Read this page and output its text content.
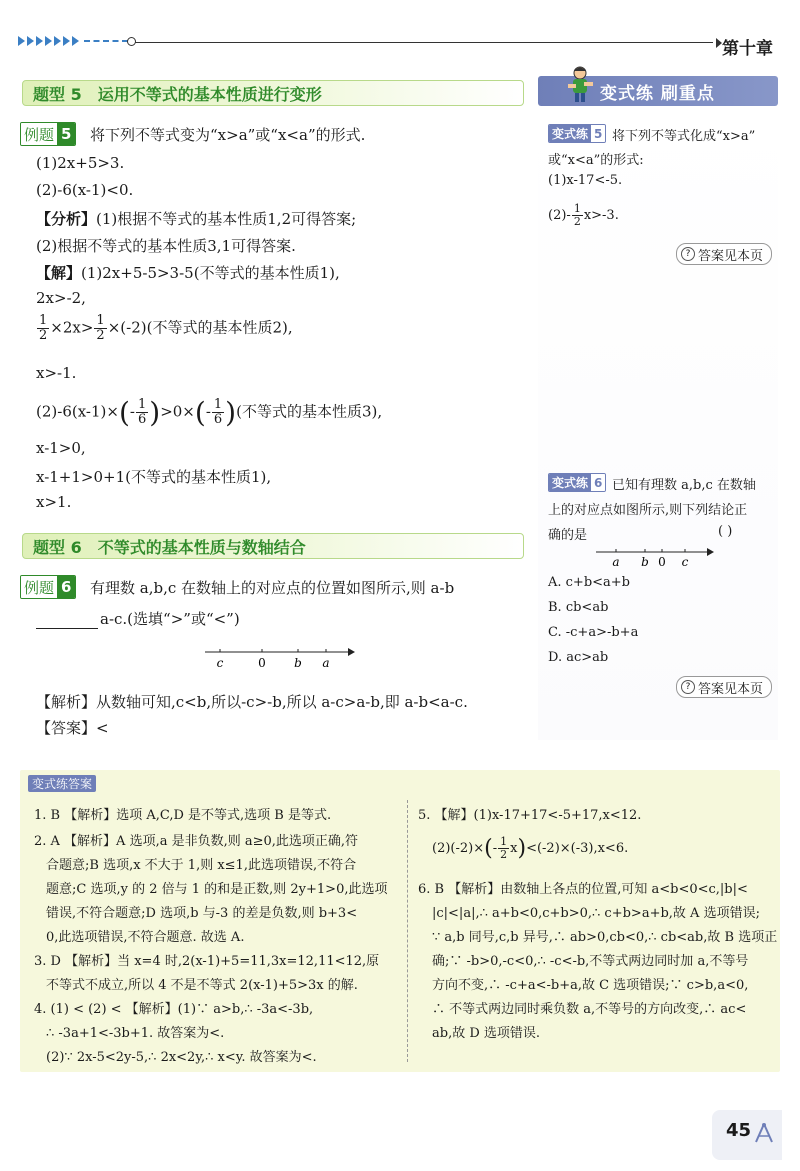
第十章
题型 5 运用不等式的基本性质进行变形	变式练 刷重点
例题 5 将下列不等式变为“x>a”或“x<a”的形式.
(1)2x+5>3.
(2)-6(x-1)<0.
【分析】(1)根据不等式的基本性质1,2可得答案;
(2)根据不等式的基本性质3,1可得答案.
【解】(1)2x+5-5>3-5(不等式的基本性质1),
2x>-2,
$\frac{1}{2} \times 2x> \frac{1}{2} \times(-2)$(不等式的基本性质2),
x>-1.
$(2)-6(x-1)\times(- \frac{1}{6} )>0\times(- \frac{1}{6}$ )(不等式的基本性质3),
x-1>0,
x-1+1>0+1(不等式的基本性质1),
x>1.
题型 6 不等式的基本性质与数轴结合
例题 6 有理数 a,b,c 在数轴上的对应点的位置如图所示,则 a-b
a-c.(选填“>”或“<”)
c	0 b a
【解析】从数轴可知,c<b,所以-c>-b,所以 a-c>a-b,即 a-b<a-c.
【答案】<
变式练 5 将下列不等式化成“x>a”
或“x<a”的形式:
(1)x-17<-5.
$(2)- \frac{1}{2} x>-3$.
? 答案见本页
变式练 6 已知有理数 a,b,c 在数轴
上的对应点如图所示,则下列结论正
确的是	( )
a b 0 c
A. c+b<a+b
B. cb<ab
C. -c+a>-b+a
D. ac>ab
? 答案见本页
变式练答案
1. B 【解析】选项 A,C,D 是不等式,选项 B 是等式.
2. A 【解析】A 选项,a 是非负数,则 a≥0,此选项正确,符
合题意;B 选项,x 不大于 1,则 x≤1,此选项错误,不符合
题意;C 选项,y 的 2 倍与 1 的和是正数,则 2y+1>0,此选项
错误,不符合题意;D 选项,b 与-3 的差是负数,则 b+3<
0,此选项错误,不符合题意. 故选 A.
3. D 【解析】当 x=4 时,2(x-1)+5=11,3x=12,11<12,原
不等式不成立,所以 4 不是不等式 2(x-1)+5>3x 的解.
4. (1) < (2) < 【解析】(1)∵ a>b,∴ -3a<-3b,
∴ -3a+1<-3b+1. 故答案为<.
(2)∵ 2x-5<2y-5,∴ 2x<2y,∴ x<y. 故答案为<.
5. 【解】(1)x-17+17<-5+17,x<12.
$(2)(-2)\times(- \frac{1}{2} x)<(-2)\times(-3),x<6$.
6. B 【解析】由数轴上各点的位置,可知 a<b<0<c,|b|<
|c|<|a|,∴ a+b<0,c+b>0,∴ c+b>a+b,故 A 选项错误;
∵ a,b 同号,c,b 异号,∴ ab>0,cb<0,∴ cb<ab,故 B 选项正
确;∵ -b>0,-c<0,∴ -c<-b,不等式两边同时加 a,不等号
方向不变,∴ -c+a<-b+a,故 C 选项错误;∵ c>b,a<0,
∴ 不等式两边同时乘负数 a,不等号的方向改变,∴ ac<
ab,故 D 选项错误.
45
